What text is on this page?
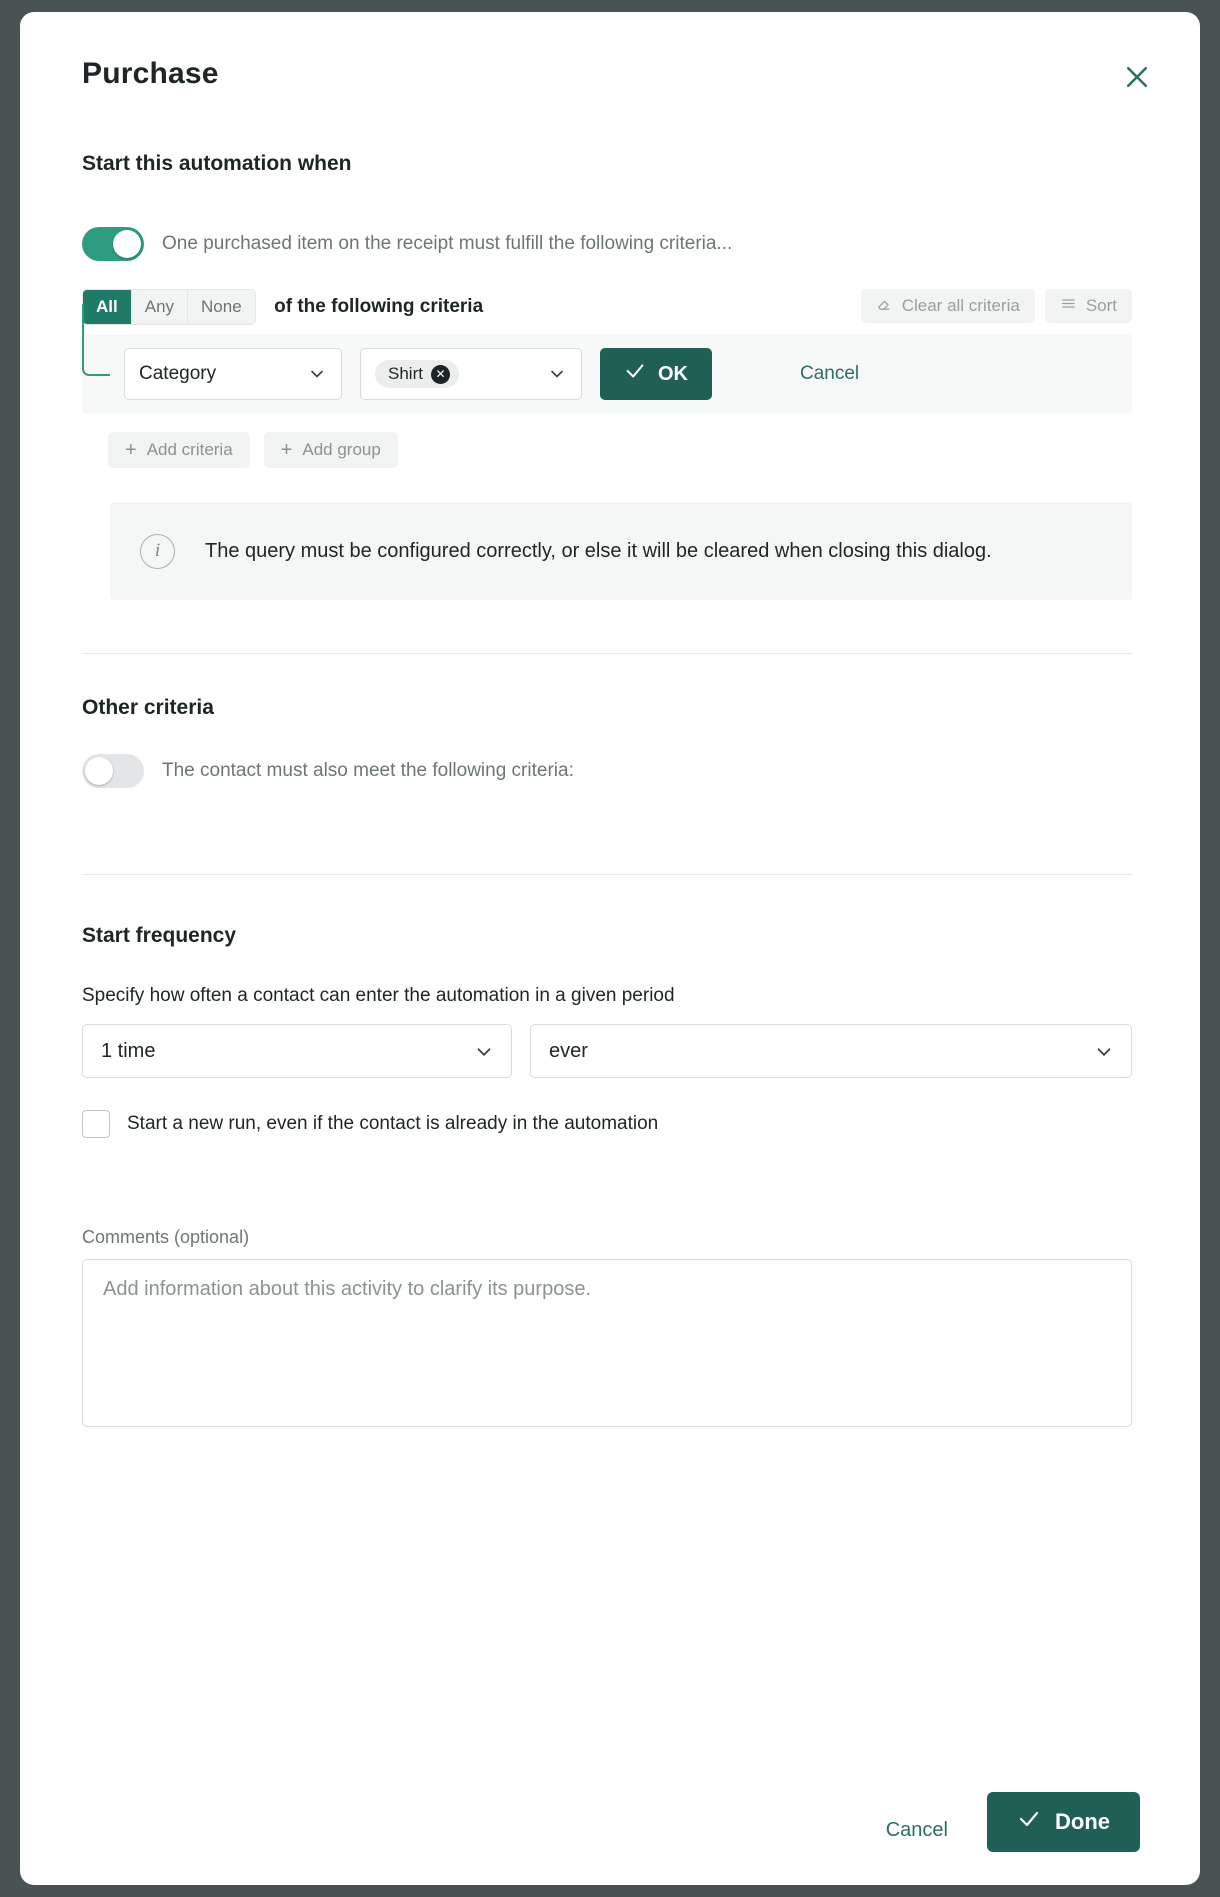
Purchase
Start this automation when
One purchased item on the receipt must fulfill the following criteria...
All	Any	None	of the following criteria	Clear all criteria	Sort
Category	Shirt	✕	OK	Cancel
+ Add criteria + Add group
i	The query must be configured correctly, or else it will be cleared when closing this dialog.
Other criteria
The contact must also meet the following criteria:
Start frequency
Specify how often a contact can enter the automation in a given period
1 time	ever
Start a new run, even if the contact is already in the automation
Comments (optional)
Add information about this activity to clarify its purpose.
Cancel	Done
